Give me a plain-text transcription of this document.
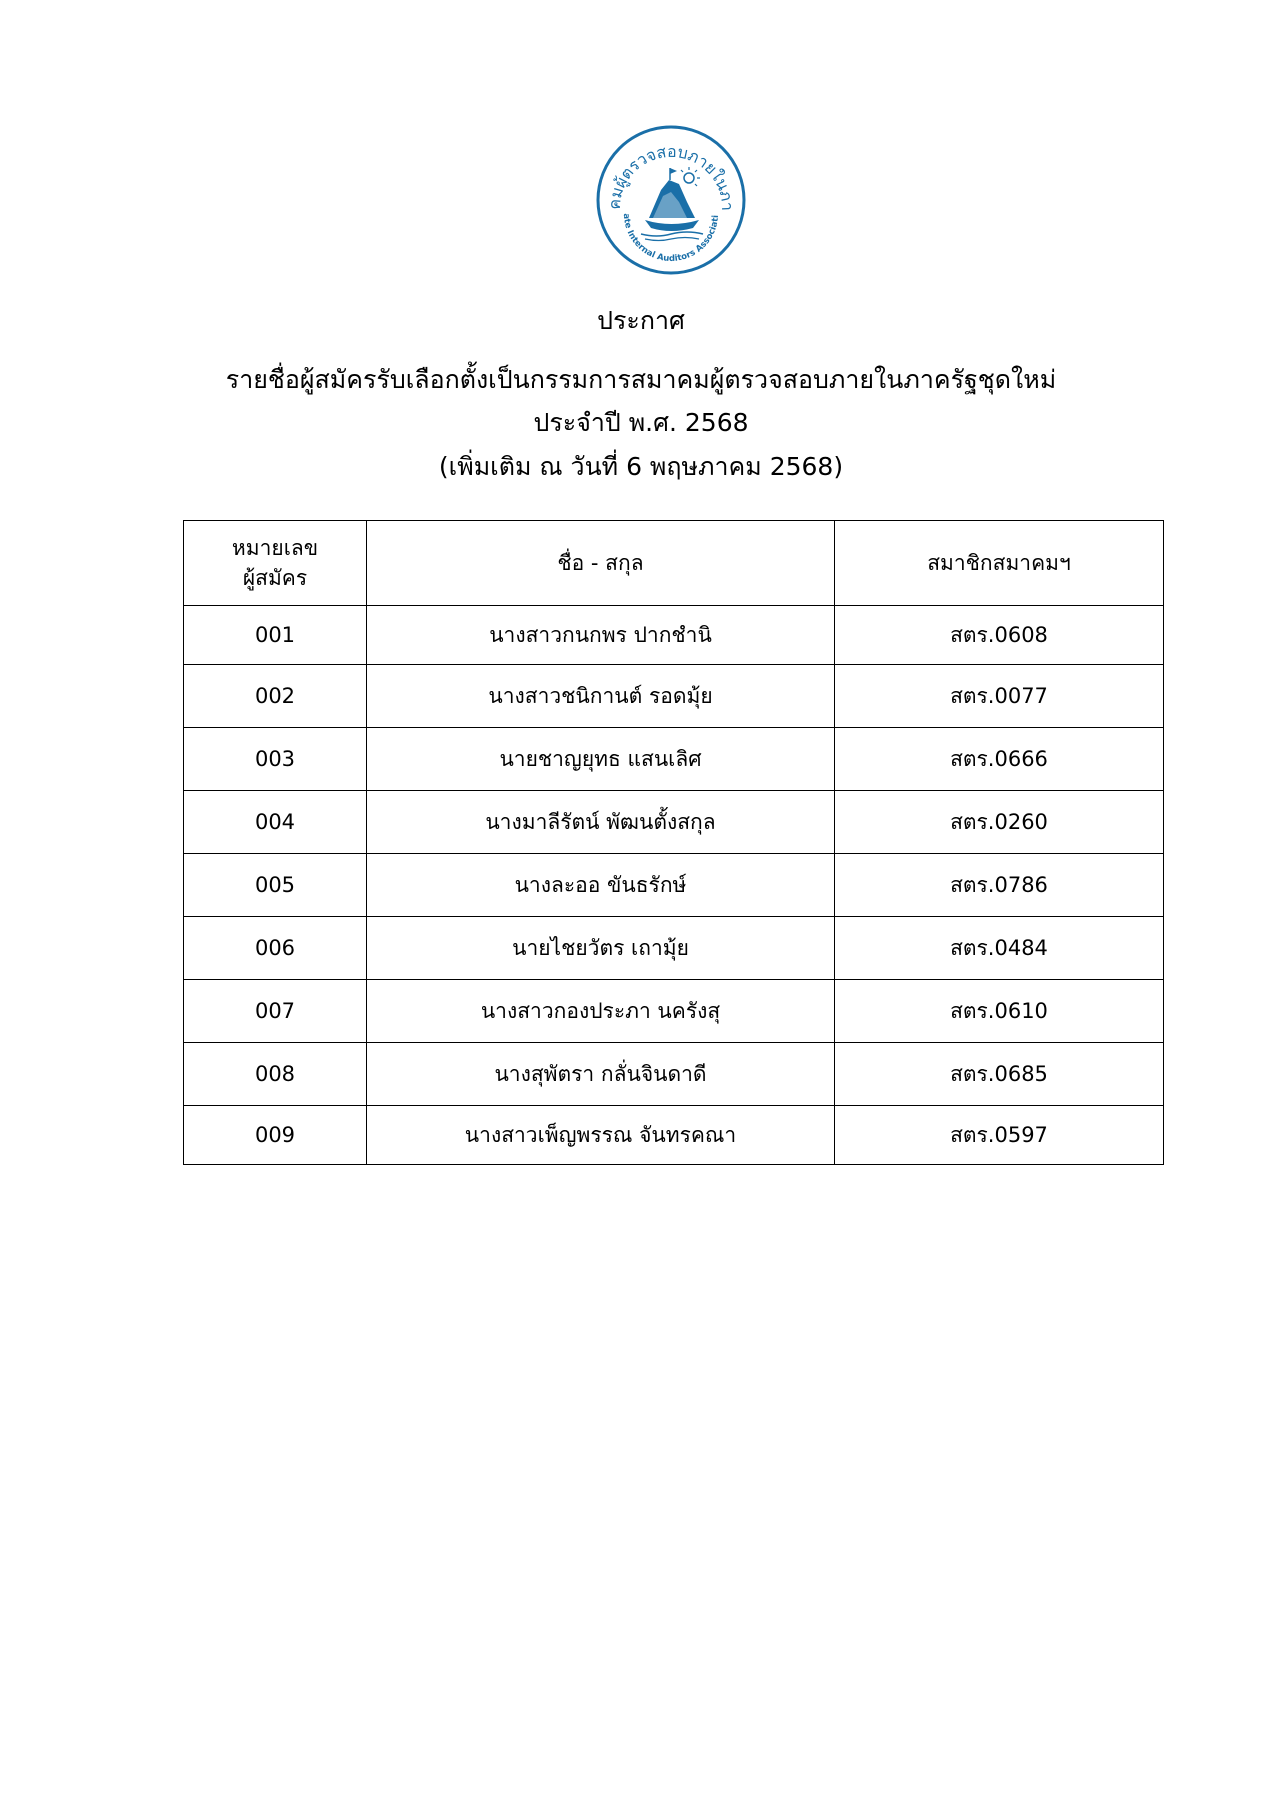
คมผู้ตรวจสอบภายในภา
ate Internal Auditors Associati
ประกาศ
รายชื่อผู้สมัครรับเลือกตั้งเป็นกรรมการสมาคมผู้ตรวจสอบภายในภาครัฐชุดใหม่
ประจำปี พ.ศ. 2568
(เพิ่มเติม ณ วันที่ 6 พฤษภาคม 2568)
หมายเลข
ผู้สมัคร	ชื่อ - สกุล	สมาชิกสมาคมฯ
001	นางสาวกนกพร ปากชำนิ	สตร.0608
002	นางสาวชนิกานต์ รอดมุ้ย	สตร.0077
003	นายชาญยุทธ แสนเลิศ	สตร.0666
004	นางมาลีรัตน์ พัฒนตั้งสกุล	สตร.0260
005	นางละออ ขันธรักษ์	สตร.0786
006	นายไชยวัตร เถามุ้ย	สตร.0484
007	นางสาวกองประภา นครังสุ	สตร.0610
008	นางสุพัตรา กลั่นจินดาดี	สตร.0685
009	นางสาวเพ็ญพรรณ จันทรคณา	สตร.0597
